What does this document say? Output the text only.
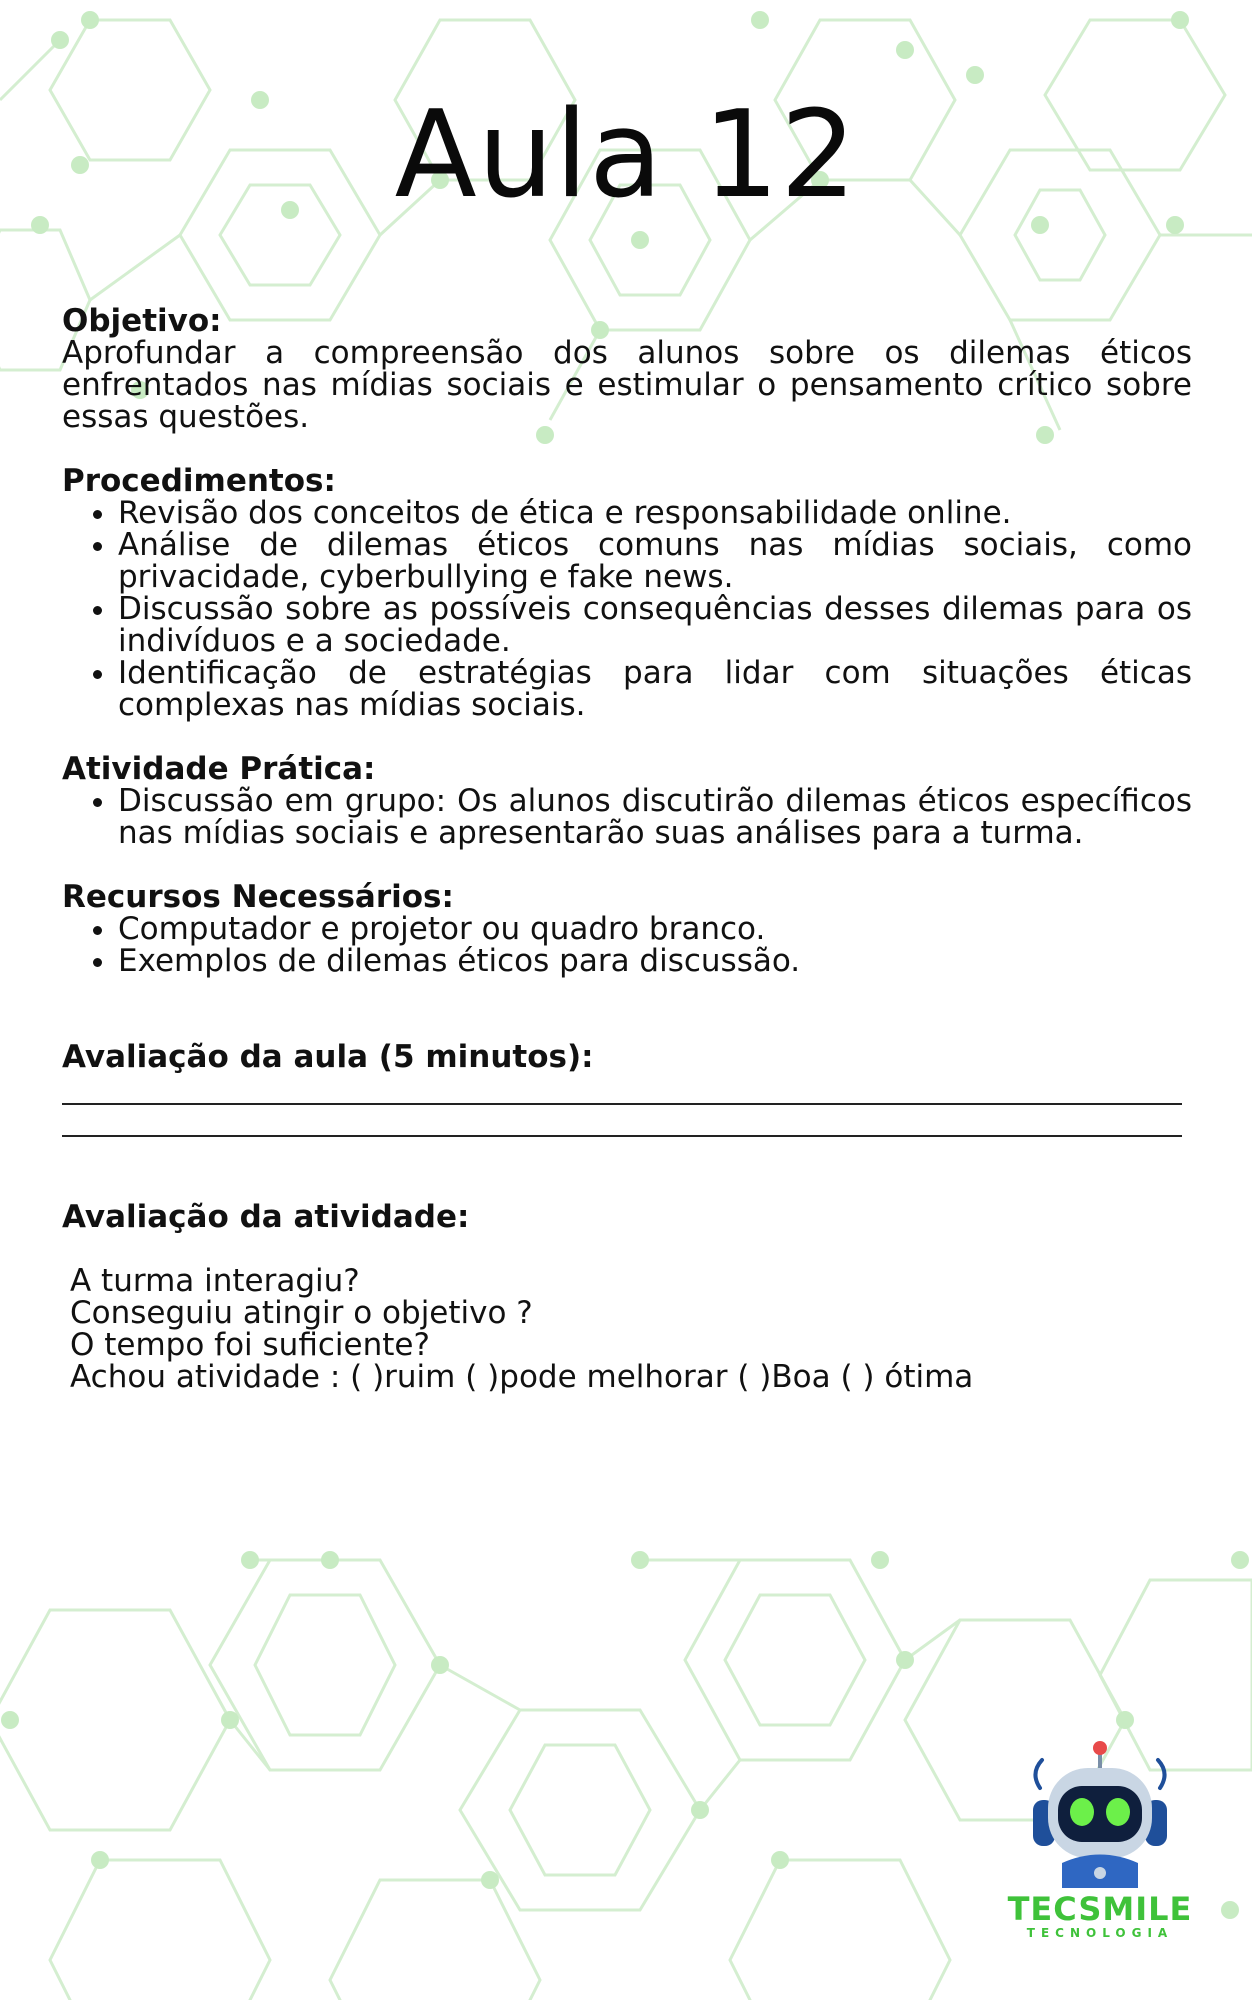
Aula 12

Objetivo:

Aprofundar a compreensão dos alunos sobre os dilemas éticos enfrentados nas mídias sociais e estimular o pensamento crítico sobre essas questões.

Procedimentos:

• Revisão dos conceitos de ética e responsabilidade online.
• Análise de dilemas éticos comuns nas mídias sociais, como privacidade, cyberbullying e fake news.
• Discussão sobre as possíveis consequências desses dilemas para os indivíduos e a sociedade.
• Identificação de estratégias para lidar com situações éticas complexas nas mídias sociais.

Atividade Prática:

• Discussão em grupo: Os alunos discutirão dilemas éticos específicos nas mídias sociais e apresentarão suas análises para a turma.

Recursos Necessários:

• Computador e projetor ou quadro branco.
• Exemplos de dilemas éticos para discussão.

Avaliação da aula (5 minutos):

Avaliação da atividade:

A turma interagiu?

Conseguiu atingir o objetivo ?

O tempo foi suficiente?

Achou atividade : ( )ruim ( )pode melhorar ( )Boa ( ) ótima

TECSMILE
TECNOLOGIA
